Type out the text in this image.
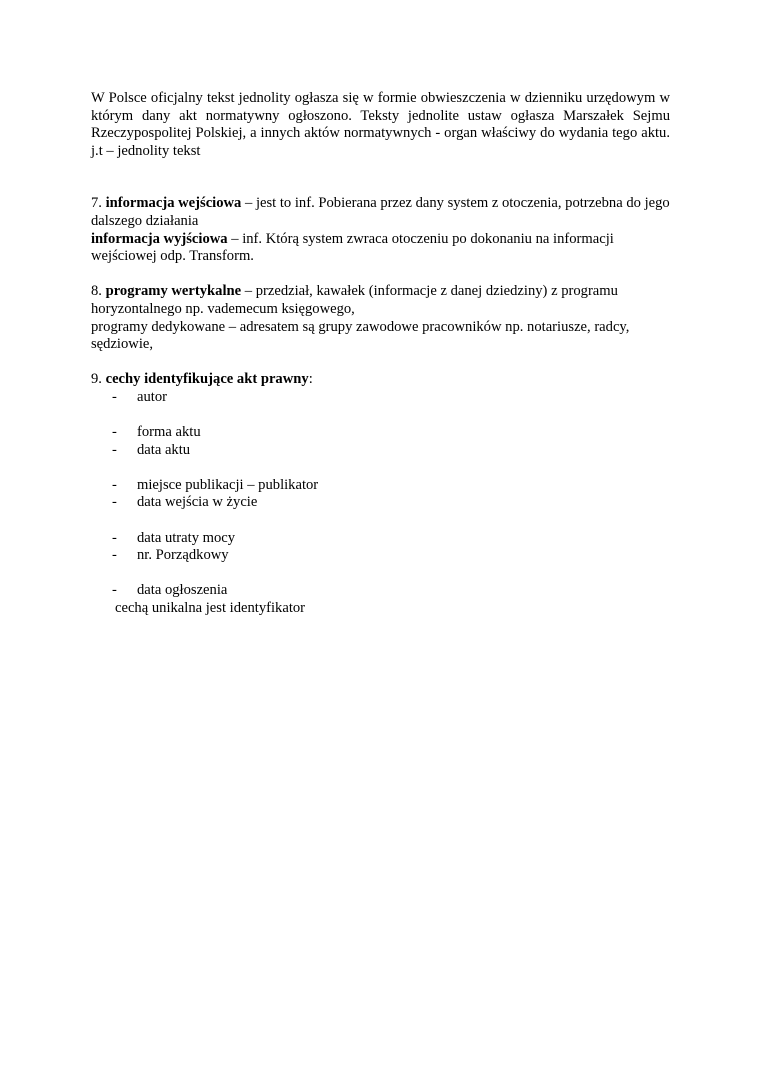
W Polsce oficjalny tekst jednolity ogłasza się w formie obwieszczenia w dzienniku urzędowym w którym dany akt normatywny ogłoszono. Teksty jednolite ustaw ogłasza Marszałek Sejmu Rzeczypospolitej Polskiej, a innych aktów normatywnych - organ właściwy do wydania tego aktu. j.t – jednolity tekst

7. informacja wejściowa – jest to inf. Pobierana przez dany system z otoczenia, potrzebna do jego dalszego działania

informacja wyjściowa – inf. Którą system zwraca otoczeniu po dokonaniu na informacji wejściowej odp. Transform.

8. programy wertykalne – przedział, kawałek (informacje z danej dziedziny) z programu horyzontalnego np. vademecum księgowego,

programy dedykowane – adresatem są grupy zawodowe pracowników np. notariusze, radcy, sędziowie,

9. cechy identyfikujące akt prawny:

- autor
- forma aktu
- data aktu
- miejsce publikacji – publikator
- data wejścia w życie
- data utraty mocy
- nr. Porządkowy
- data ogłoszenia

cechą unikalna jest identyfikator
